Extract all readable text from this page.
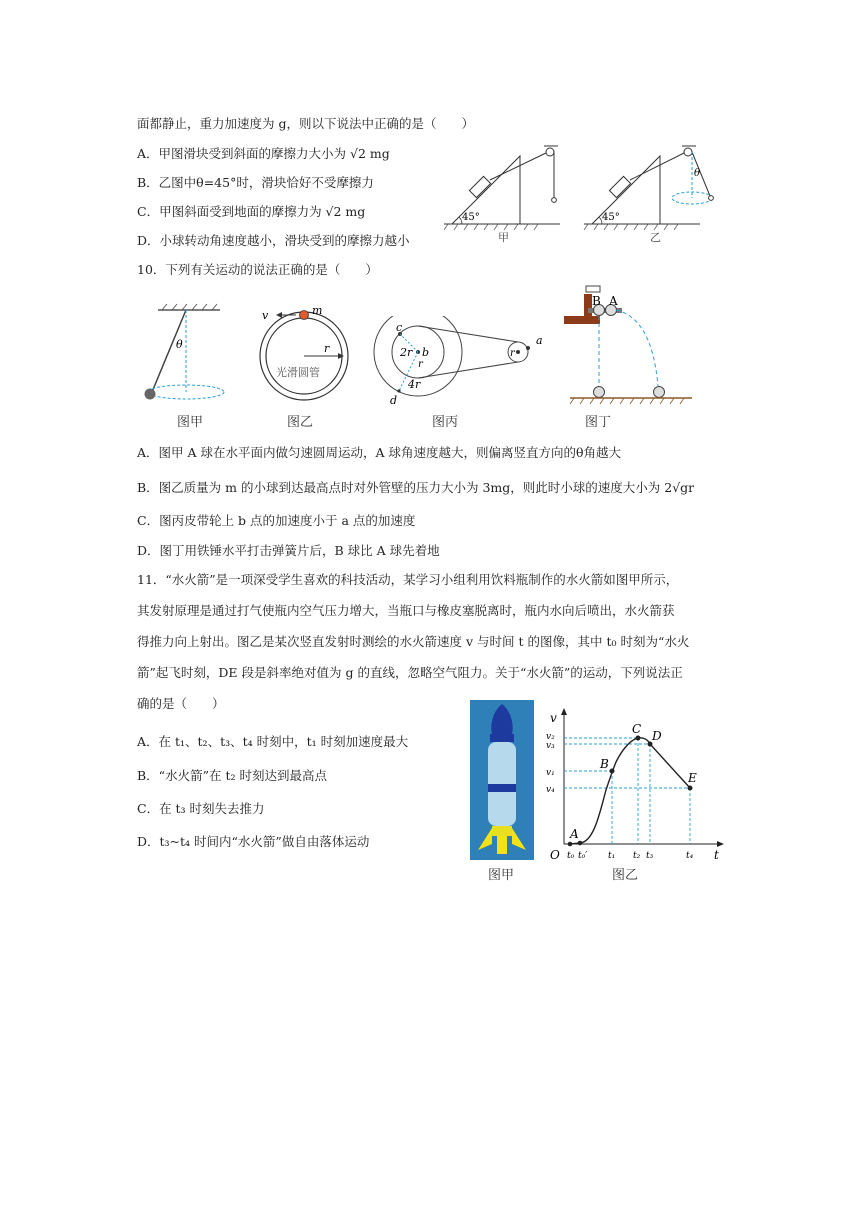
面都静止，重力加速度为 g，则以下说法中正确的是（　　）
A．甲图滑块受到斜面的摩擦力大小为 √2 mg
B．乙图中θ=45°时，滑块恰好不受摩擦力
C．甲图斜面受到地面的摩擦力为 √2 mg
D．小球转动角速度越小，滑块受到的摩擦力越小
45°
甲
θ
45°
乙
10．下列有关运动的说法正确的是（　　）
θ
图甲
v	m
r
光滑圆管
图乙
c
2r b
r
4r
d
r
a
图丙
B A
图丁
A．图甲 A 球在水平面内做匀速圆周运动，A 球角速度越大，则偏离竖直方向的θ角越大
B．图乙质量为 m 的小球到达最高点时对外管壁的压力大小为 3mg，则此时小球的速度大小为 2√gr
C．图丙皮带轮上 b 点的加速度小于 a 点的加速度
D．图丁用铁锤水平打击弹簧片后，B 球比 A 球先着地
11．“水火箭”是一项深受学生喜欢的科技活动，某学习小组利用饮料瓶制作的水火箭如图甲所示，
其发射原理是通过打气使瓶内空气压力增大，当瓶口与橡皮塞脱离时，瓶内水向后喷出，水火箭获
得推力向上射出。图乙是某次竖直发射时测绘的水火箭速度 v 与时间 t 的图像，其中 t₀ 时刻为“水火
箭”起飞时刻，DE 段是斜率绝对值为 g 的直线，忽略空气阻力。关于“水火箭”的运动，下列说法正
确的是（　　）
A．在 t₁、t₂、t₃、t₄ 时刻中，t₁ 时刻加速度最大
B．“水火箭”在 t₂ 时刻达到最高点
C．在 t₃ 时刻失去推力
D．t₃~t₄ 时间内“水火箭”做自由落体运动
图甲
v
t
O
A
B
C D
E
v₂
v₃
v₁
v₄
t₀ t₀′ t₁ t₂ t₃	t₄
图乙
